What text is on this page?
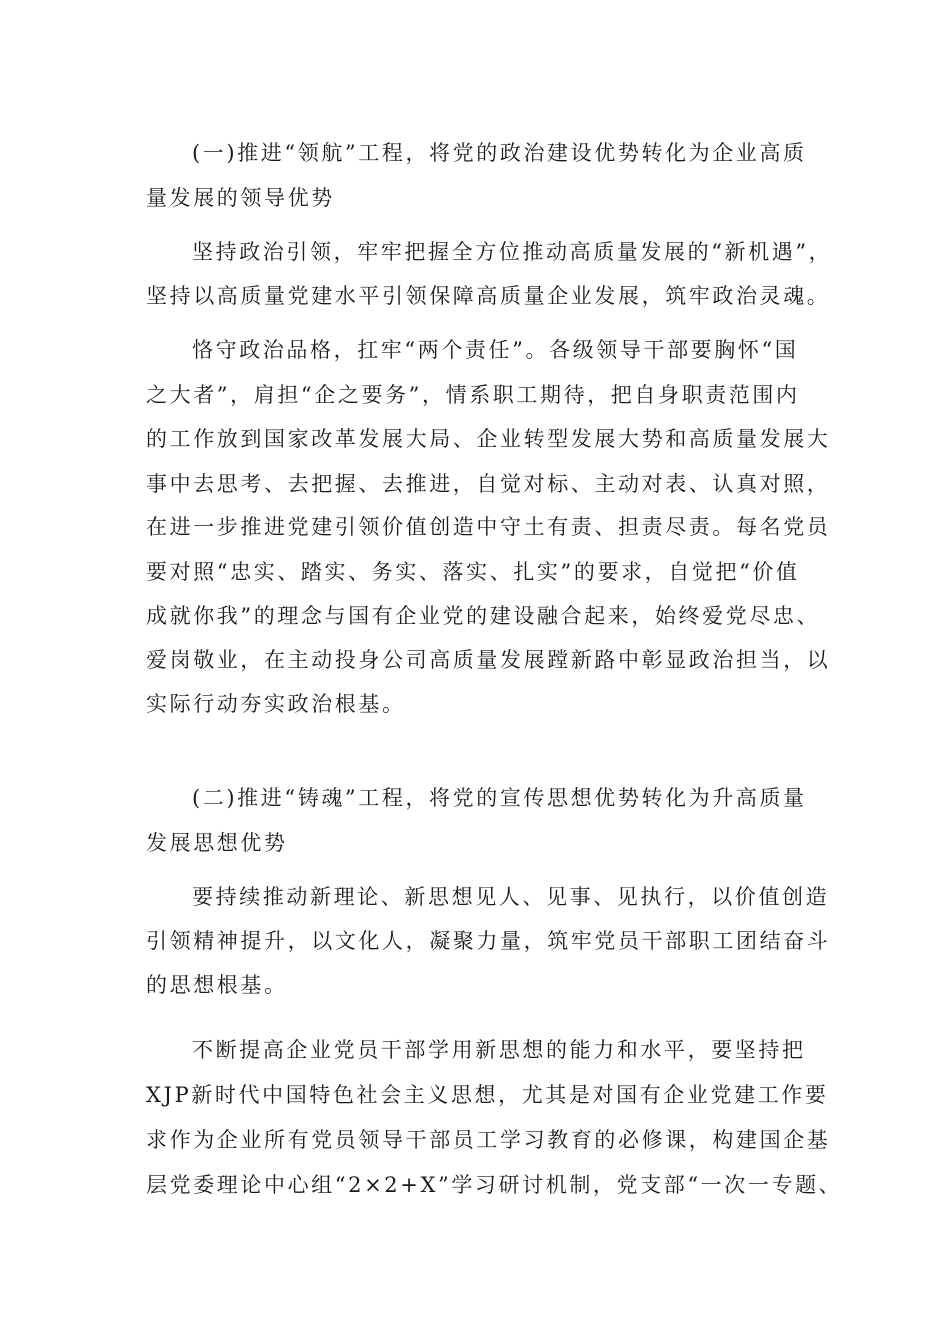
(一)推进“领航”工程，将党的政治建设优势转化为企业高质
量发展的领导优势
坚持政治引领，牢牢把握全方位推动高质量发展的“新机遇”，
坚持以高质量党建水平引领保障高质量企业发展，筑牢政治灵魂。
恪守政治品格，扛牢“两个责任”。各级领导干部要胸怀“国
之大者”，肩担“企之要务”，情系职工期待，把自身职责范围内
的工作放到国家改革发展大局、企业转型发展大势和高质量发展大
事中去思考、去把握、去推进，自觉对标、主动对表、认真对照，
在进一步推进党建引领价值创造中守土有责、担责尽责。每名党员
要对照“忠实、踏实、务实、落实、扎实”的要求，自觉把“价值
成就你我”的理念与国有企业党的建设融合起来，始终爱党尽忠、
爱岗敬业，在主动投身公司高质量发展蹚新路中彰显政治担当，以
实际行动夯实政治根基。
(二)推进“铸魂”工程，将党的宣传思想优势转化为升高质量
发展思想优势
要持续推动新理论、新思想见人、见事、见执行，以价值创造
引领精神提升，以文化人，凝聚力量，筑牢党员干部职工团结奋斗
的思想根基。
不断提高企业党员干部学用新思想的能力和水平，要坚持把
XJP新时代中国特色社会主义思想，尤其是对国有企业党建工作要
求作为企业所有党员领导干部员工学习教育的必修课，构建国企基
层党委理论中心组“2×2+X”学习研讨机制，党支部“一次一专题、
